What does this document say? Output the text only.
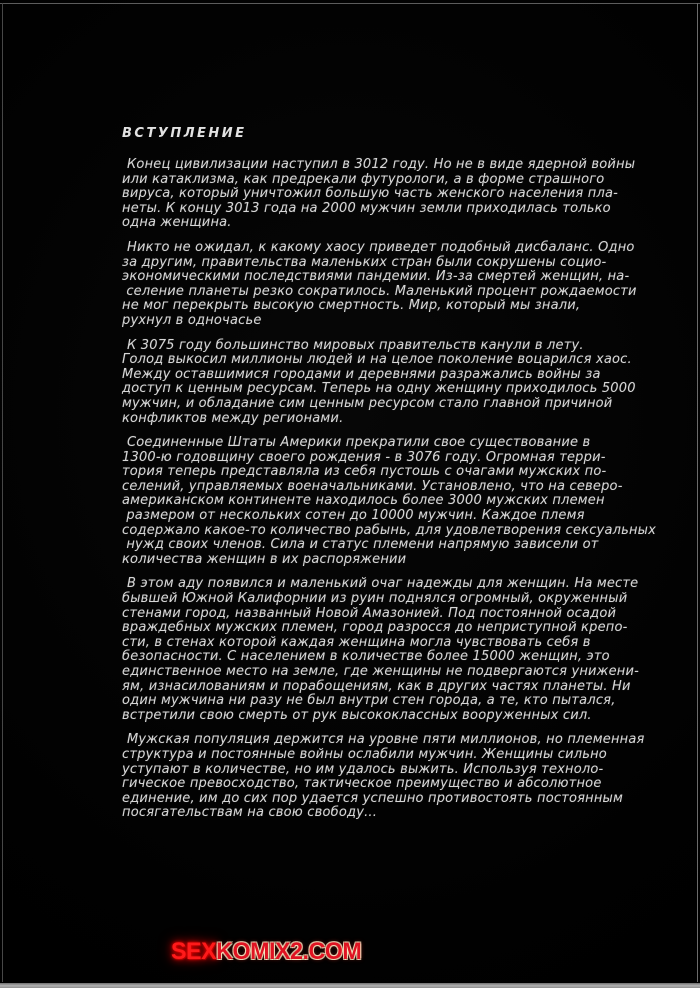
ВСТУПЛЕНИЕ
Конец цивилизации наступил в 3012 году. Но не в виде ядерной войны
или катаклизма, как предрекали футурологи, а в форме страшного
вируса, который уничтожил большую часть женского населения пла-
неты. К концу 3013 года на 2000 мужчин земли приходилась только
одна женщина.
Никто не ожидал, к какому хаосу приведет подобный дисбаланс. Одно
за другим, правительства маленьких стран были сокрушены социо-
экономическими последствиями пандемии. Из-за смертей женщин, на-
селение планеты резко сократилось. Маленький процент рождаемости
не мог перекрыть высокую смертность. Мир, который мы знали,
рухнул в одночасье
К 3075 году большинство мировых правительств канули в лету.
Голод выкосил миллионы людей и на целое поколение воцарился хаос.
Между оставшимися городами и деревнями разражались войны за
доступ к ценным ресурсам. Теперь на одну женщину приходилось 5000
мужчин, и обладание сим ценным ресурсом стало главной причиной
конфликтов между регионами.
Соединенные Штаты Америки прекратили свое существование в
1300-ю годовщину своего рождения - в 3076 году. Огромная терри-
тория теперь представляла из себя пустошь с очагами мужских по-
селений, управляемых военачальниками. Установлено, что на северо-
американском континенте находилось более 3000 мужских племен
размером от нескольких сотен до 10000 мужчин. Каждое племя
содержало какое-то количество рабынь, для удовлетворения сексуальных
нужд своих членов. Сила и статус племени напрямую зависели от
количества женщин в их распоряжении
В этом аду появился и маленький очаг надежды для женщин. На месте
бывшей Южной Калифорнии из руин поднялся огромный, окруженный
стенами город, названный Новой Амазонией. Под постоянной осадой
враждебных мужских племен, город разросся до неприступной крепо-
сти, в стенах которой каждая женщина могла чувствовать себя в
безопасности. С населением в количестве более 15000 женщин, это
единственное место на земле, где женщины не подвергаются унижени-
ям, изнасилованиям и порабощениям, как в других частях планеты. Ни
один мужчина ни разу не был внутри стен города, а те, кто пытался,
встретили свою смерть от рук высококлассных вооруженных сил.
Мужская популяция держится на уровне пяти миллионов, но племенная
структура и постоянные войны ослабили мужчин. Женщины сильно
уступают в количестве, но им удалось выжить. Используя техноло-
гическое превосходство, тактическое преимущество и абсолютное
единение, им до сих пор удается успешно противостоять постоянным
посягательствам на свою свободу...
SEXKOMIX2.COM
